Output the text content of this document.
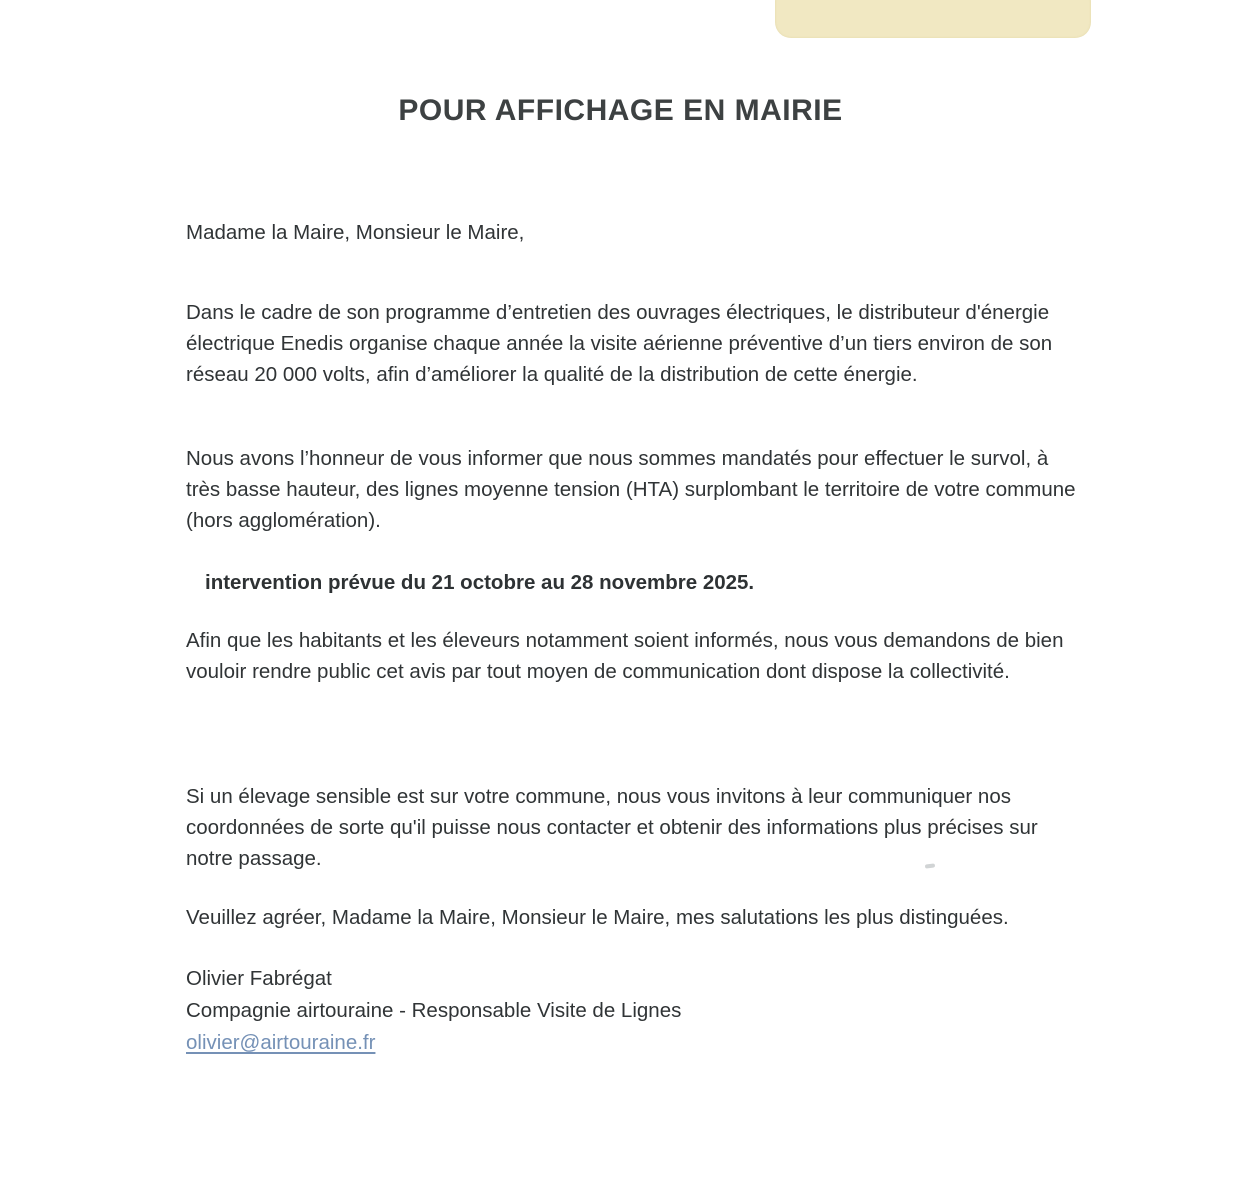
POUR AFFICHAGE EN MAIRIE

Madame la Maire, Monsieur le Maire,

Dans le cadre de son programme d’entretien des ouvrages électriques, le distributeur d'énergie électrique Enedis organise chaque année la visite aérienne préventive d’un tiers environ de son réseau 20 000 volts, afin d’améliorer la qualité de la distribution de cette énergie.

Nous avons l’honneur de vous informer que nous sommes mandatés pour effectuer le survol, à très basse hauteur, des lignes moyenne tension (HTA) surplombant le territoire de votre commune (hors agglomération).

intervention prévue du 21 octobre au 28 novembre 2025.

Afin que les habitants et les éleveurs notamment soient informés, nous vous demandons de bien vouloir rendre public cet avis par tout moyen de communication dont dispose la collectivité.

Si un élevage sensible est sur votre commune, nous vous invitons à leur communiquer nos coordonnées de sorte qu'il puisse nous contacter et obtenir des informations plus précises sur notre passage.

Veuillez agréer, Madame la Maire, Monsieur le Maire, mes salutations les plus distinguées.

Olivier Fabrégat

Compagnie airtouraine - Responsable Visite de Lignes

olivier@airtouraine.fr
